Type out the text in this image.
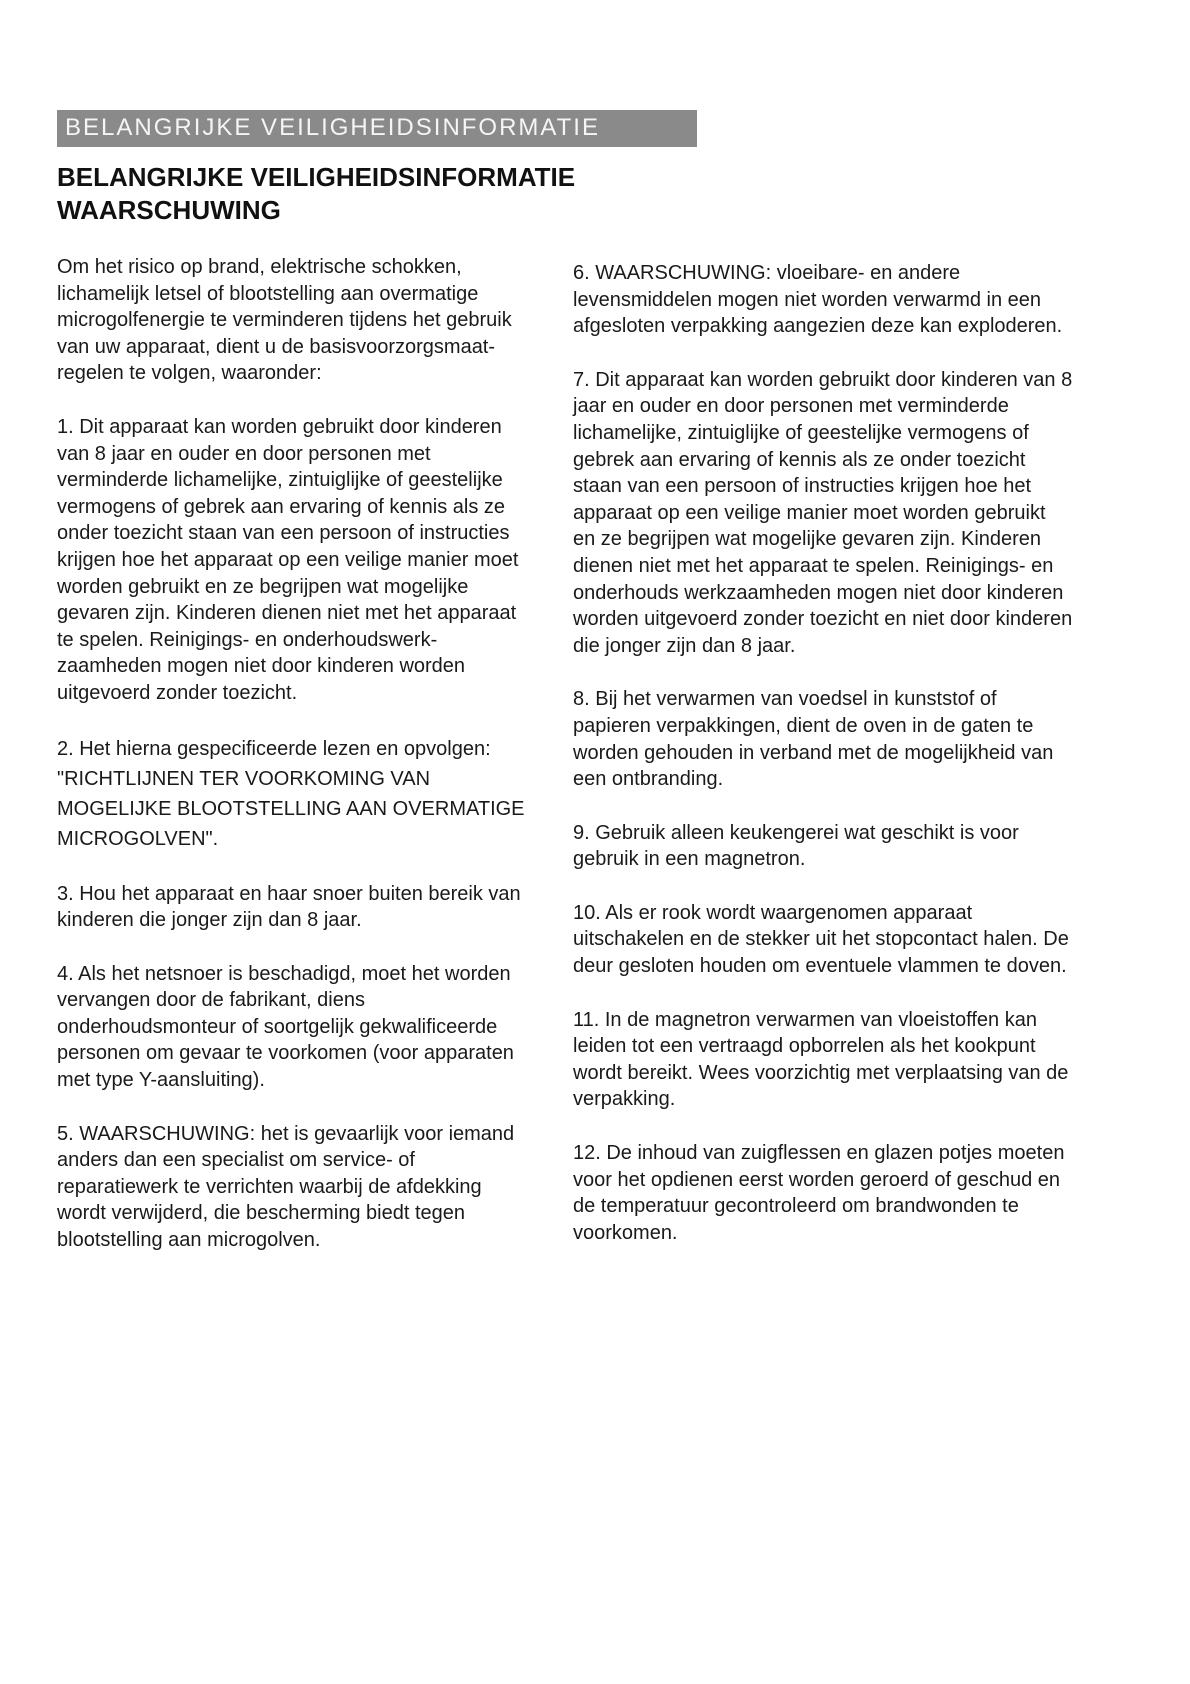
BELANGRIJKE VEILIGHEIDSINFORMATIE
BELANGRIJKE VEILIGHEIDSINFORMATIE
WAARSCHUWING

Om het risico op brand, elektrische schokken, lichamelijk letsel of blootstelling aan overmatige microgolfenergie te verminderen tijdens het gebruik van uw apparaat, dient u de basisvoorzorgsmaat- regelen te volgen, waaronder:

1. Dit apparaat kan worden gebruikt door kinderen van 8 jaar en ouder en door personen met verminderde lichamelijke, zintuiglijke of geestelijke vermogens of gebrek aan ervaring of kennis als ze onder toezicht staan van een persoon of instructies krijgen hoe het apparaat op een veilige manier moet worden gebruikt en ze begrijpen wat mogelijke gevaren zijn. Kinderen dienen niet met het apparaat te spelen. Reinigings- en onderhoudswerk- zaamheden mogen niet door kinderen worden uitgevoerd zonder toezicht.

2. Het hierna gespecificeerde lezen en opvolgen: "RICHTLIJNEN TER VOORKOMING VAN MOGELIJKE BLOOTSTELLING AAN OVERMATIGE MICROGOLVEN".

3. Hou het apparaat en haar snoer buiten bereik van kinderen die jonger zijn dan 8 jaar.

4. Als het netsnoer is beschadigd, moet het worden vervangen door de fabrikant, diens onderhoudsmonteur of soortgelijk gekwalificeerde personen om gevaar te voorkomen (voor apparaten met type Y-aansluiting).

5. WAARSCHUWING: het is gevaarlijk voor iemand anders dan een specialist om service- of reparatiewerk te verrichten waarbij de afdekking wordt verwijderd, die bescherming biedt tegen blootstelling aan microgolven.

6. WAARSCHUWING: vloeibare- en andere levensmiddelen mogen niet worden verwarmd in een afgesloten verpakking aangezien deze kan exploderen.

7. Dit apparaat kan worden gebruikt door kinderen van 8 jaar en ouder en door personen met verminderde lichamelijke, zintuiglijke of geestelijke vermogens of gebrek aan ervaring of kennis als ze onder toezicht staan van een persoon of instructies krijgen hoe het apparaat op een veilige manier moet worden gebruikt en ze begrijpen wat mogelijke gevaren zijn. Kinderen dienen niet met het apparaat te spelen. Reinigings- en onderhouds werkzaamheden mogen niet door kinderen worden uitgevoerd zonder toezicht en niet door kinderen die jonger zijn dan 8 jaar.

8. Bij het verwarmen van voedsel in kunststof of papieren verpakkingen, dient de oven in de gaten te worden gehouden in verband met de mogelijkheid van een ontbranding.

9. Gebruik alleen keukengerei wat geschikt is voor gebruik in een magnetron.

10. Als er rook wordt waargenomen apparaat uitschakelen en de stekker uit het stopcontact halen. De deur gesloten houden om eventuele vlammen te doven.

11. In de magnetron verwarmen van vloeistoffen kan leiden tot een vertraagd opborrelen als het kookpunt wordt bereikt. Wees voorzichtig met verplaatsing van de verpakking.

12. De inhoud van zuigflessen en glazen potjes moeten voor het opdienen eerst worden geroerd of geschud en de temperatuur gecontroleerd om brandwonden te voorkomen.
